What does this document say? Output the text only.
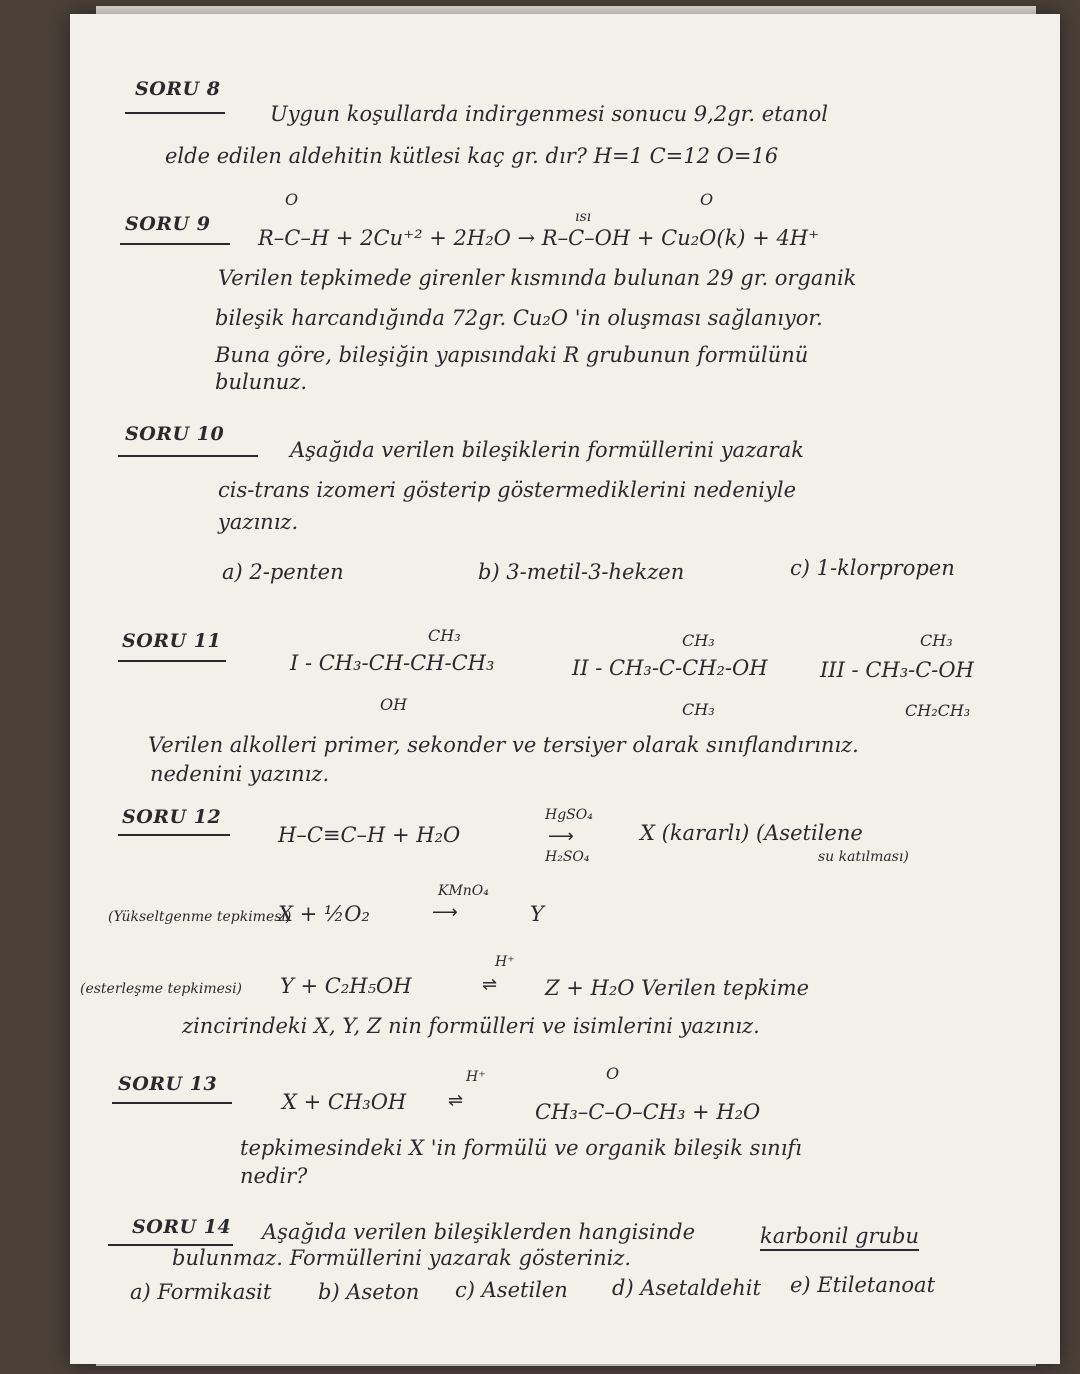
SORU 8
Uygun koşullarda indirgenmesi sonucu 9,2gr. etanol
elde edilen aldehitin kütlesi kaç gr. dır? H=1 C=12 O=16
SORU 9
O	O
ısı
R–C–H + 2Cu⁺² + 2H₂O → R–C–OH + Cu₂O(k) + 4H⁺
Verilen tepkimede girenler kısmında bulunan 29 gr. organik
bileşik harcandığında 72gr. Cu₂O 'in oluşması sağlanıyor.
Buna göre, bileşiğin yapısındaki R grubunun formülünü
bulunuz.
SORU 10
Aşağıda verilen bileşiklerin formüllerini yazarak
cis-trans izomeri gösterip göstermediklerini nedeniyle
yazınız.
a) 2-penten	b) 3-metil-3-hekzen	c) 1-klorpropen
SORU 11	CH₃
I - CH₃-CH-CH-CH₃
OH
CH₃
II - CH₃-C-CH₂-OH
CH₃
CH₃
III - CH₃-C-OH
CH₂CH₃
Verilen alkolleri primer, sekonder ve tersiyer olarak sınıflandırınız.
nedenini yazınız.
SORU 12
H–C≡C–H + H₂O
HgSO₄
H₂SO₄
⟶	X (kararlı) (Asetilene
su katılması)
(Yükseltgenme tepkimesi)
X + ½O₂
KMnO₄
⟶	Y
(esterleşme tepkimesi) Y + C₂H₅OH
H⁺
⇌ Z + H₂O Verilen tepkime
zincirindeki X, Y, Z nin formülleri ve isimlerini yazınız.
SORU 13
X + CH₃OH
H⁺
⇌
O
CH₃–C–O–CH₃ + H₂O
tepkimesindeki X 'in formülü ve organik bileşik sınıfı
nedir?
SORU 14 Aşağıda verilen bileşiklerden hangisinde	karbonil grubu
bulunmaz. Formüllerini yazarak gösteriniz.
a) Formikasit b) Aseton c) Asetilen d) Asetaldehit e) Etiletanoat
